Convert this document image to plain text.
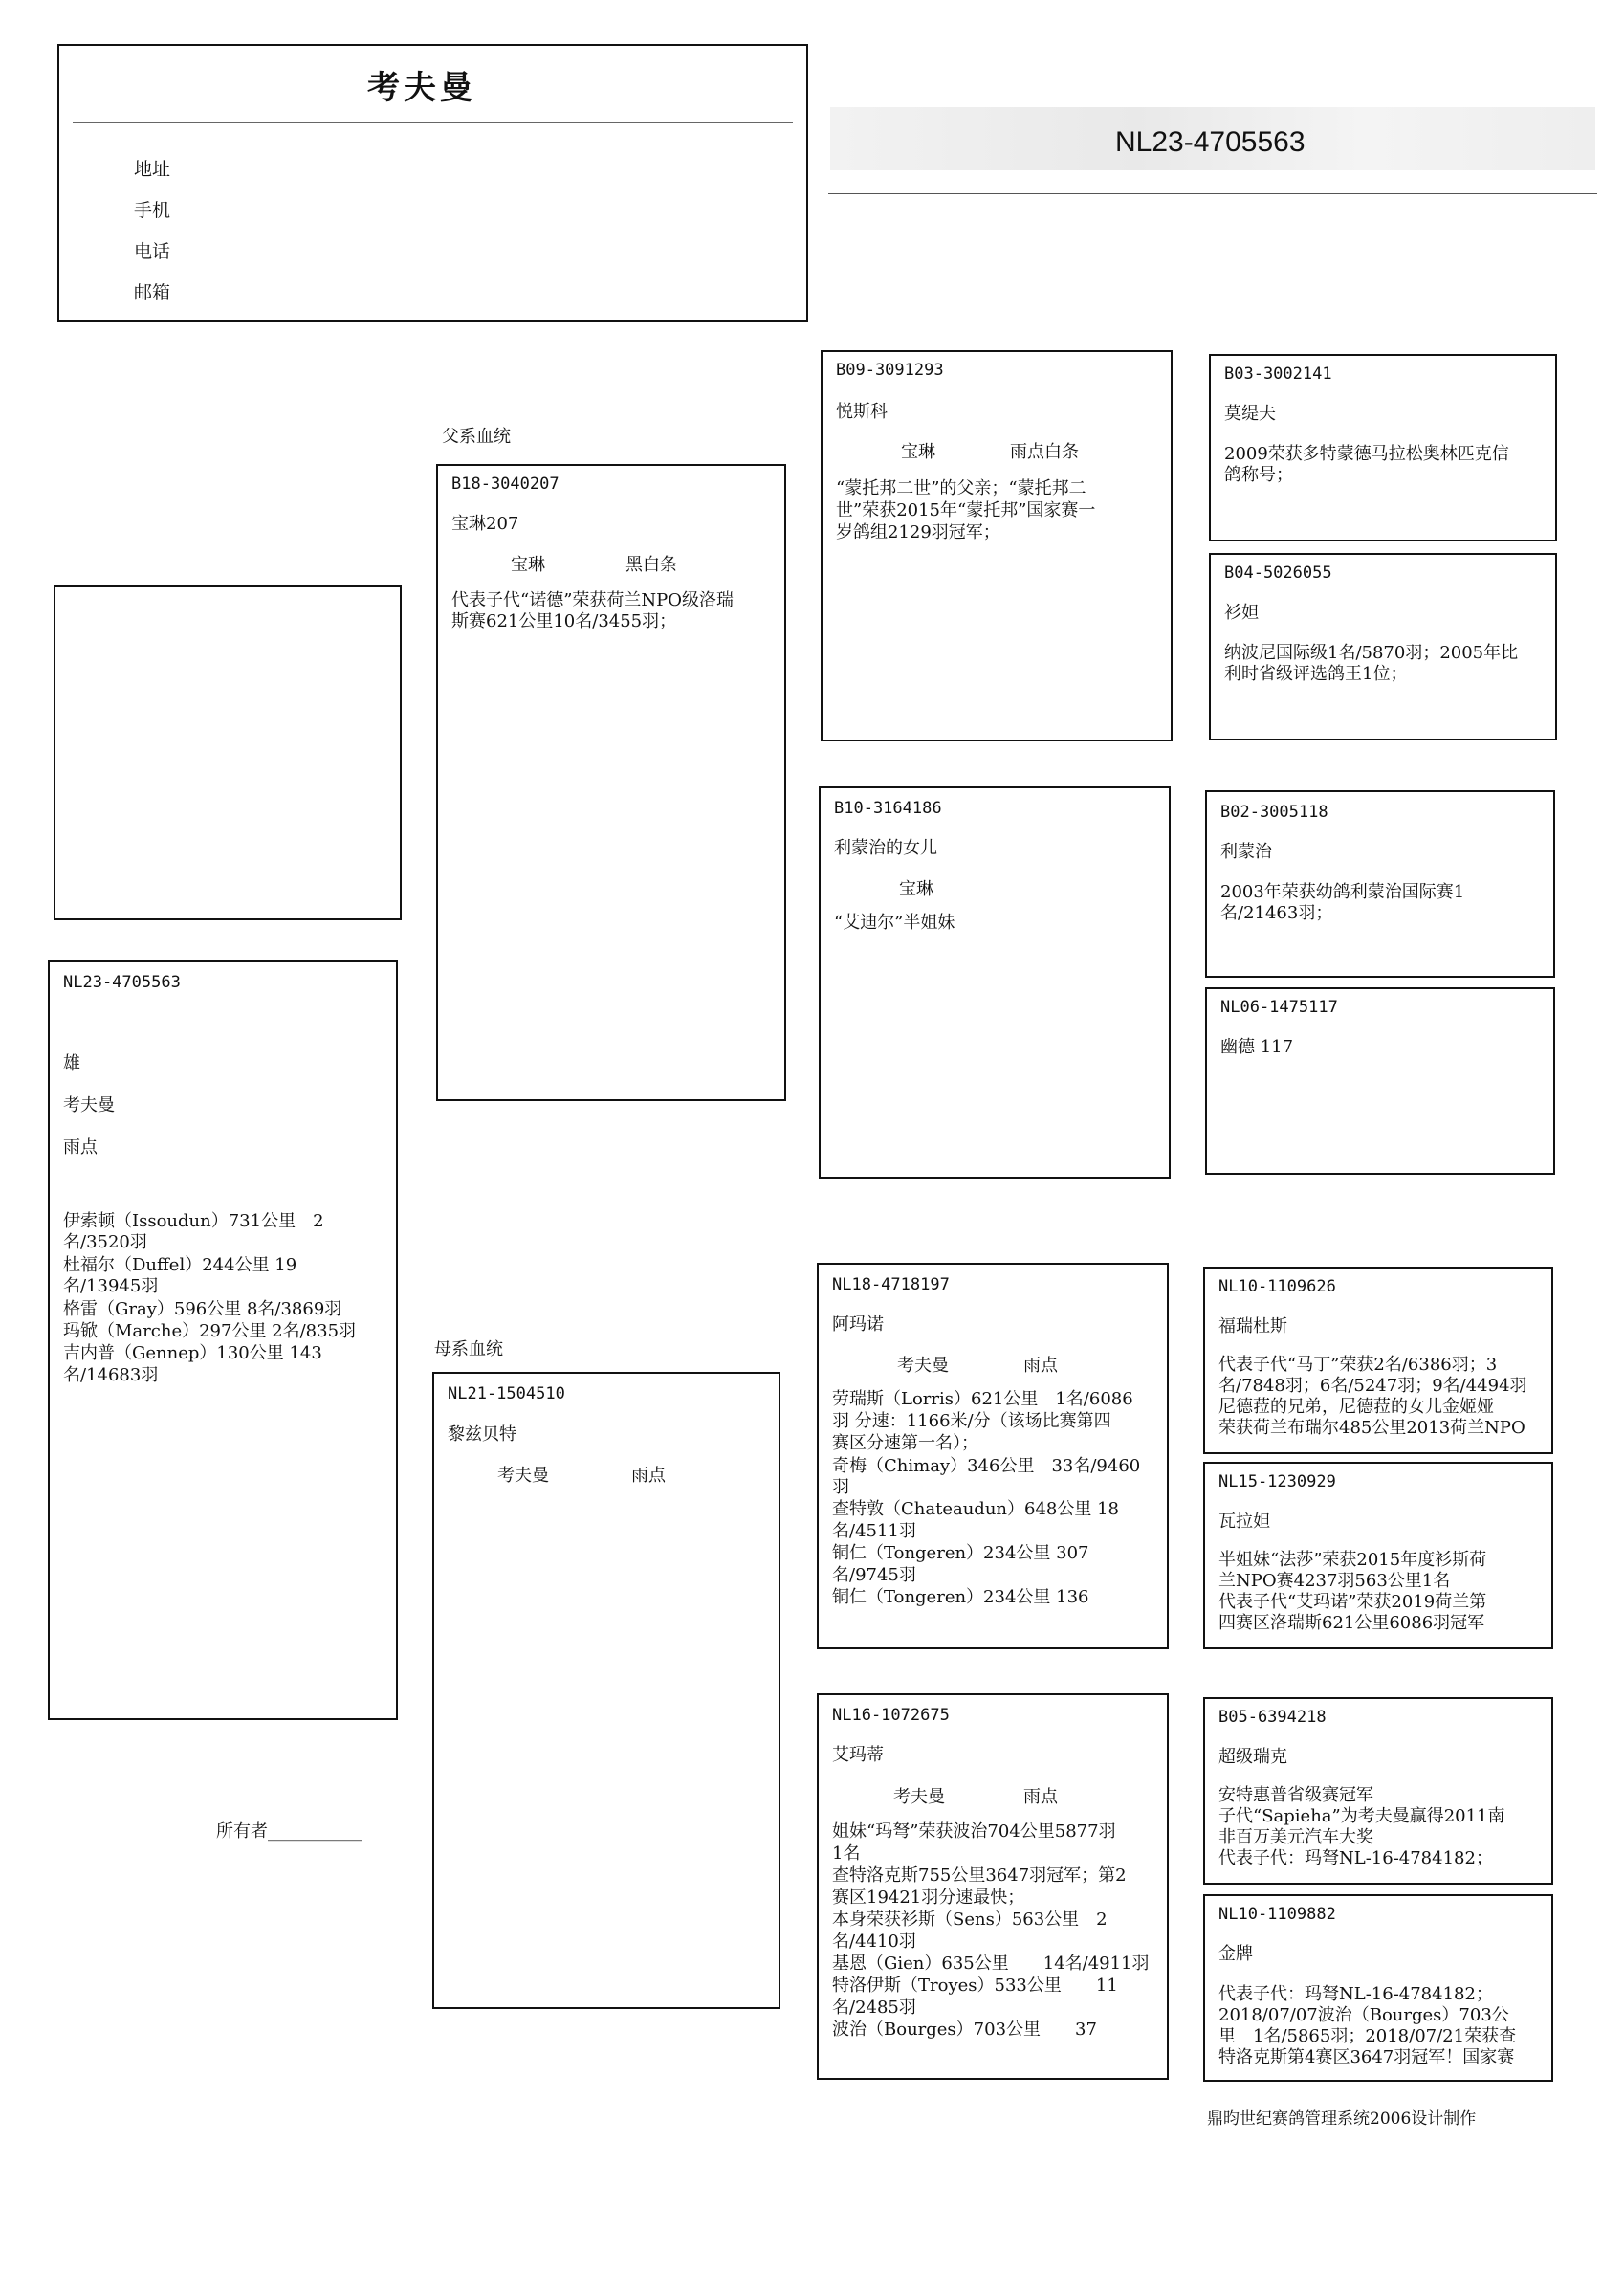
考夫曼
地址
手机
电话
邮箱
NL23-4705563
NL23-4705563
雄
考夫曼
雨点
伊索顿（Issoudun）731公里　2
名/3520羽
杜福尔（Duffel）244公里 19
名/13945羽
格雷（Gray）596公里 8名/3869羽
玛锨（Marche）297公里 2名/835羽
吉内普（Gennep）130公里 143
名/14683羽
所有者___________
父系血统
B18-3040207
宝琳207
宝琳	黑白条
代表子代“诺德”荣获荷兰NPO级洛瑞
斯赛621公里10名/3455羽；
母系血统
NL21-1504510
黎兹贝特
考夫曼	雨点
B09-3091293
悦斯科
宝琳	雨点白条
“蒙托邦二世”的父亲；“蒙托邦二
世”荣获2015年“蒙托邦”国家赛一
岁鸽组2129羽冠军；
B10-3164186
利蒙治的女儿
宝琳
“艾迪尔”半姐妹
NL18-4718197
阿玛诺
考夫曼	雨点
劳瑞斯（Lorris）621公里　1名/6086
羽 分速：1166米/分（该场比赛第四
赛区分速第一名）；
奇梅（Chimay）346公里　33名/9460
羽
查特敦（Chateaudun）648公里 18
名/4511羽
铜仁（Tongeren）234公里 307
名/9745羽
铜仁（Tongeren）234公里 136
NL16-1072675
艾玛蒂
考夫曼	雨点
姐妹“玛弩”荣获波治704公里5877羽
1名
查特洛克斯755公里3647羽冠军；第2
赛区19421羽分速最快；
本身荣获衫斯（Sens）563公里　2
名/4410羽
基恩（Gien）635公里　　14名/4911羽
特洛伊斯（Troyes）533公里　　11
名/2485羽
波治（Bourges）703公里　　37
B03-3002141
莫缇夫
2009荣获多特蒙德马拉松奥林匹克信
鸽称号；
B04-5026055
衫妲
纳波尼国际级1名/5870羽；2005年比
利时省级评选鸽王1位；
B02-3005118
利蒙治
2003年荣获幼鸽利蒙治国际赛1
名/21463羽；
NL06-1475117
幽德 117
NL10-1109626
福瑞杜斯
代表子代“马丁”荣获2名/6386羽；3
名/7848羽；6名/5247羽；9名/4494羽
尼德菈的兄弟，尼德菈的女儿金姬娅
荣获荷兰布瑞尔485公里2013荷兰NPO
NL15-1230929
瓦拉妲
半姐妹“法莎”荣获2015年度衫斯荷
兰NPO赛4237羽563公里1名
代表子代“艾玛诺”荣获2019荷兰第
四赛区洛瑞斯621公里6086羽冠军
B05-6394218
超级瑞克
安特惠普省级赛冠军
子代“Sapieha”为考夫曼赢得2011南
非百万美元汽车大奖
代表子代：玛弩NL-16-4784182；
NL10-1109882
金牌
代表子代：玛弩NL-16-4784182；
2018/07/07波治（Bourges）703公
里　1名/5865羽；2018/07/21荣获查
特洛克斯第4赛区3647羽冠军！国家赛
鼎昀世纪赛鸽管理系统2006设计制作
